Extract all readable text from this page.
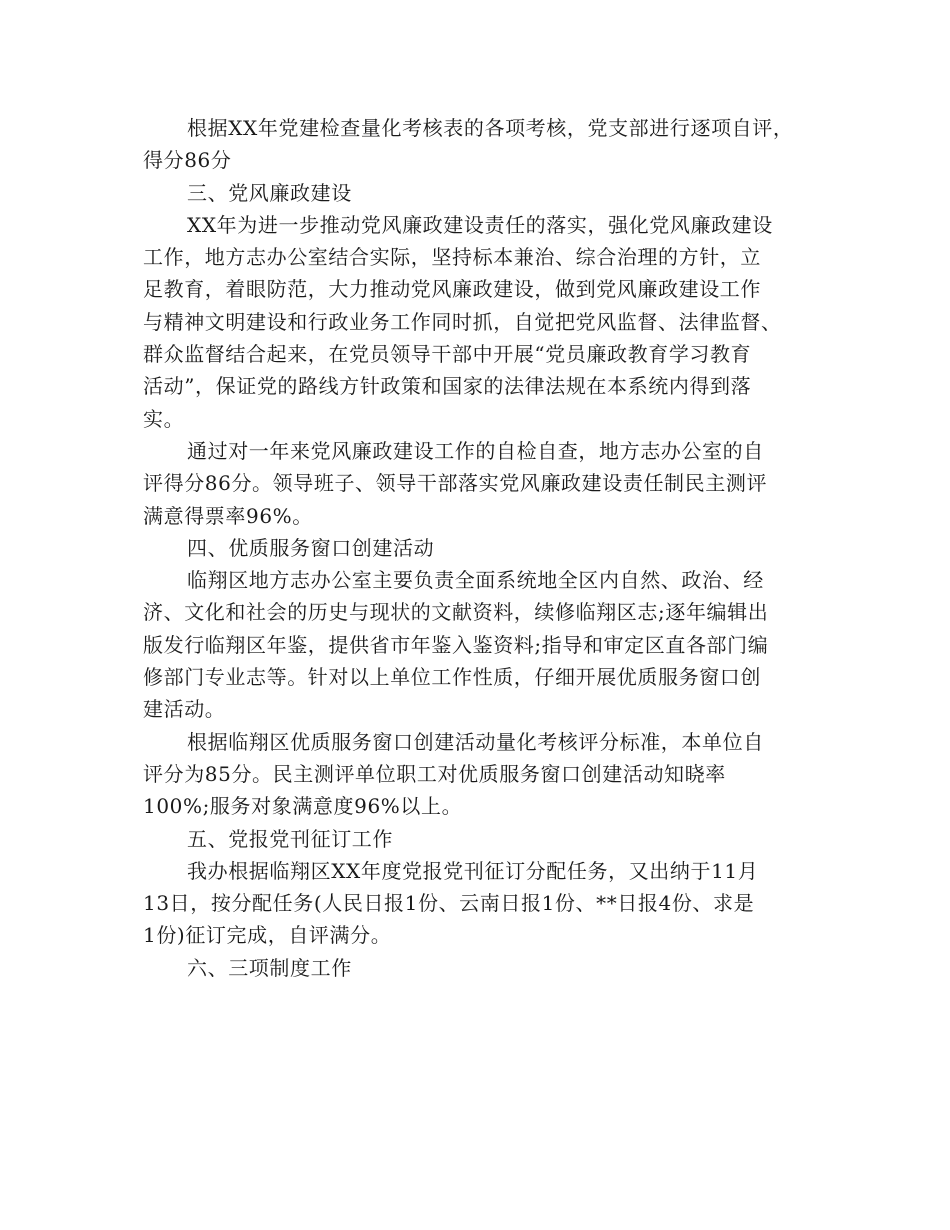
根据XX年党建检查量化考核表的各项考核，党支部进行逐项自评，
得分86分
三、党风廉政建设
XX年为进一步推动党风廉政建设责任的落实，强化党风廉政建设
工作，地方志办公室结合实际，坚持标本兼治、综合治理的方针，立
足教育，着眼防范，大力推动党风廉政建设，做到党风廉政建设工作
与精神文明建设和行政业务工作同时抓，自觉把党风监督、法律监督、
群众监督结合起来，在党员领导干部中开展“党员廉政教育学习教育
活动”，保证党的路线方针政策和国家的法律法规在本系统内得到落
实。
通过对一年来党风廉政建设工作的自检自查，地方志办公室的自
评得分86分。领导班子、领导干部落实党风廉政建设责任制民主测评
满意得票率96%。
四、优质服务窗口创建活动
临翔区地方志办公室主要负责全面系统地全区内自然、政治、经
济、文化和社会的历史与现状的文献资料，续修临翔区志;逐年编辑出
版发行临翔区年鉴，提供省市年鉴入鉴资料;指导和审定区直各部门编
修部门专业志等。针对以上单位工作性质，仔细开展优质服务窗口创
建活动。
根据临翔区优质服务窗口创建活动量化考核评分标准，本单位自
评分为85分。民主测评单位职工对优质服务窗口创建活动知晓率
100%;服务对象满意度96%以上。
五、党报党刊征订工作
我办根据临翔区XX年度党报党刊征订分配任务，又出纳于11月
13日，按分配任务(人民日报1份、云南日报1份、**日报4份、求是
1份)征订完成，自评满分。
六、三项制度工作
